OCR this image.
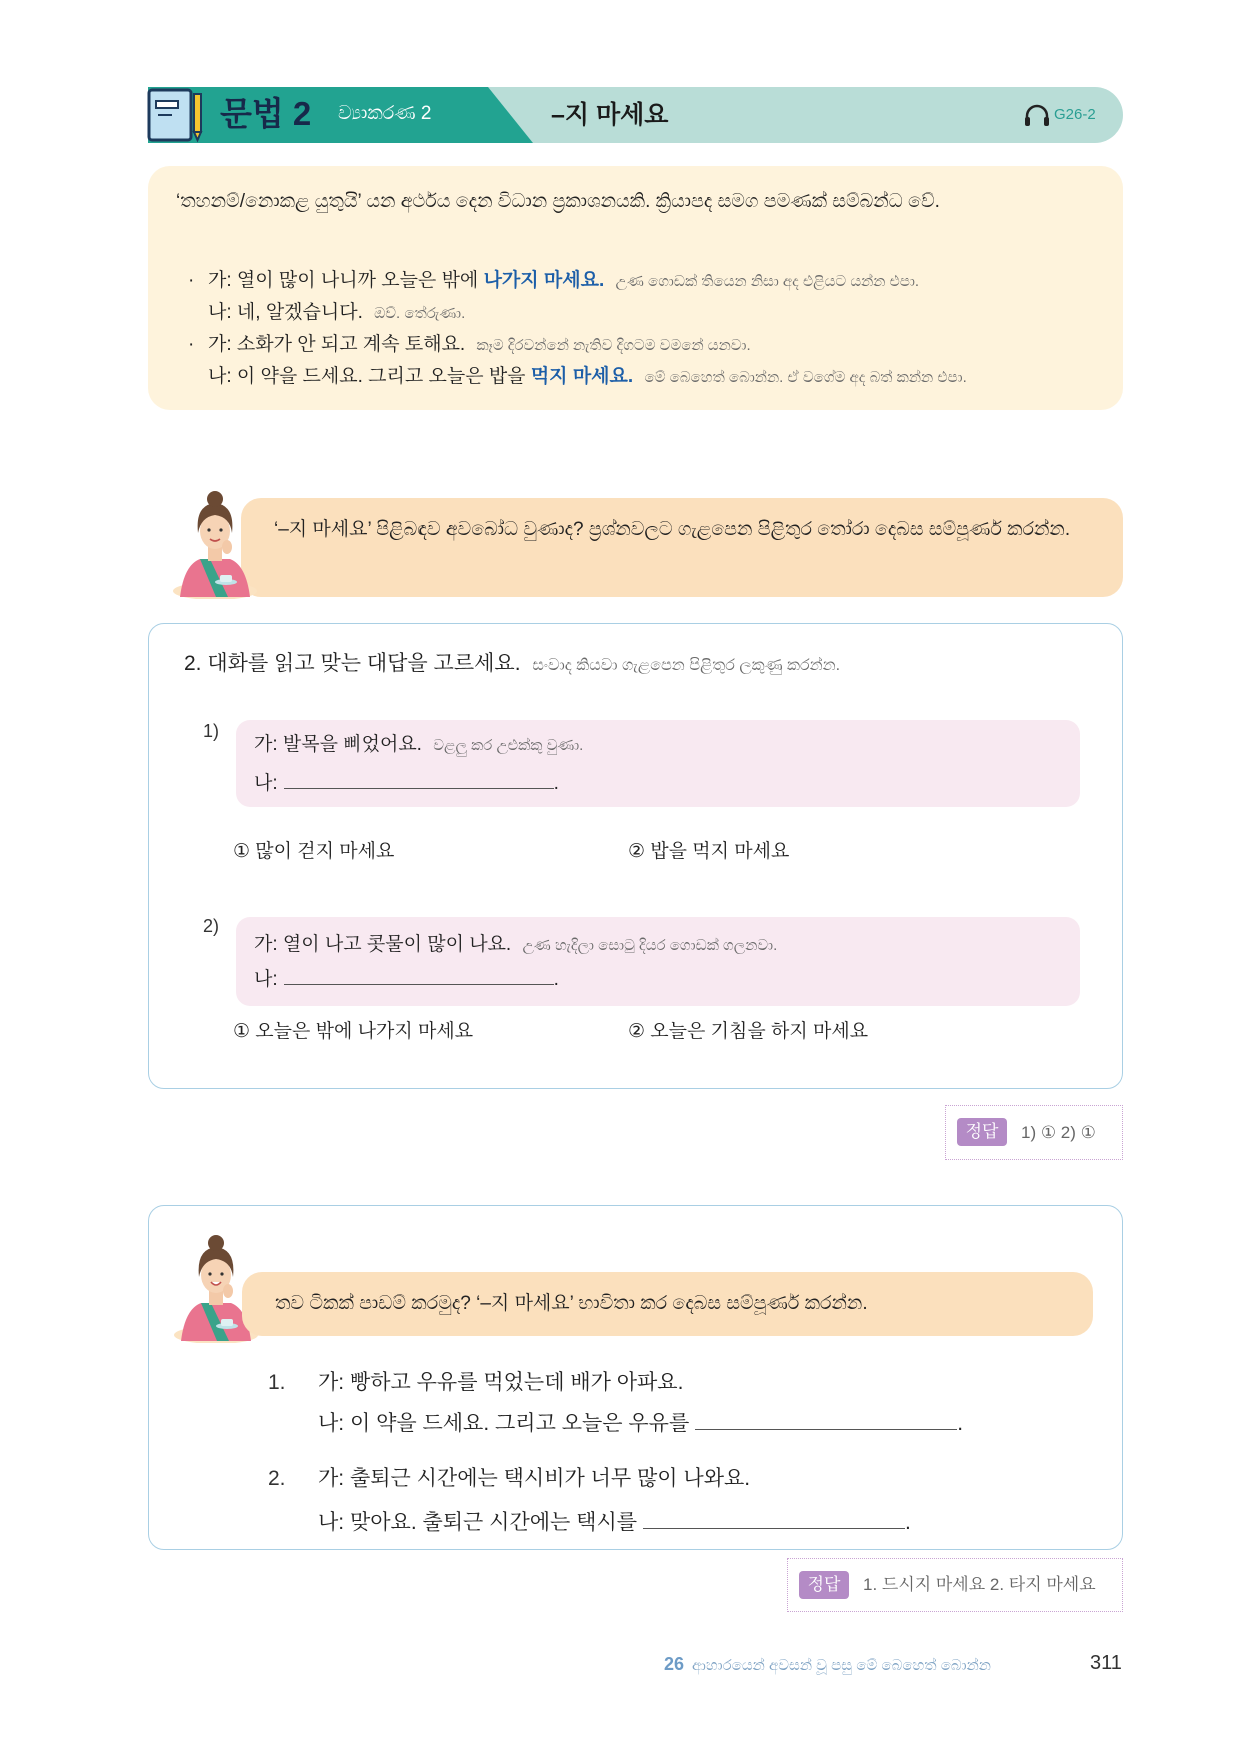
문법 2 ව්‍යාකරණ 2	–지 마세요	G26-2
‘තහනම්/නොකළ යුතුයි’ යන අර්ථය දෙන විධාන ප්‍රකාශනයකි. ක්‍රියාපද සමග පමණක් සම්බන්ධ වේ.
· 가: 열이 많이 나니까 오늘은 밖에 나가지 마세요. උණ ගොඩක් තියෙන නිසා අද එළියට යන්න එපා.
나: 네, 알겠습니다. ඔව්. තේරුණා.
· 가: 소화가 안 되고 계속 토해요. කෑම දිරවන්නේ නැතිව දිගටම වමනේ යනවා.
나: 이 약을 드세요. 그리고 오늘은 밥을 먹지 마세요. මේ බෙහෙත් බොන්න. ඒ වගේම අද බත් කන්න එපා.
‘–지 마세요’ පිළිබඳව අවබෝධ වුණාද? ප්‍රශ්නවලට ගැළපෙන පිළිතුර තෝරා දෙබස සම්පූර්ණ කරන්න.
2. 대화를 읽고 맞는 대답을 고르세요. සංවාද කියවා ගැළපෙන පිළිතුර ලකුණු කරන්න.
1)
가: 발목을 삐었어요. වළලු කර උළුක්කු වුණා.
나:	.
① 많이 걷지 마세요	② 밥을 먹지 마세요
2)
가: 열이 나고 콧물이 많이 나요. උණ හැදිලා සොටු දියර ගොඩක් ගලනවා.
나:	.
① 오늘은 밖에 나가지 마세요	② 오늘은 기침을 하지 마세요
정답	1) ① 2) ①
තව ටිකක් පාඩම් කරමුද? ‘–지 마세요’ භාවිතා කර දෙබස සම්පූර්ණ කරන්න.
1. 가: 빵하고 우유를 먹었는데 배가 아파요.
나: 이 약을 드세요. 그리고 오늘은 우유를	.
2. 가: 출퇴근 시간에는 택시비가 너무 많이 나와요.
나: 맞아요. 출퇴근 시간에는 택시를	.
정답	1. 드시지 마세요 2. 타지 마세요
26 ආහාරයෙන් අවසන් වූ පසු මේ බෙහෙත් බොන්න	311
